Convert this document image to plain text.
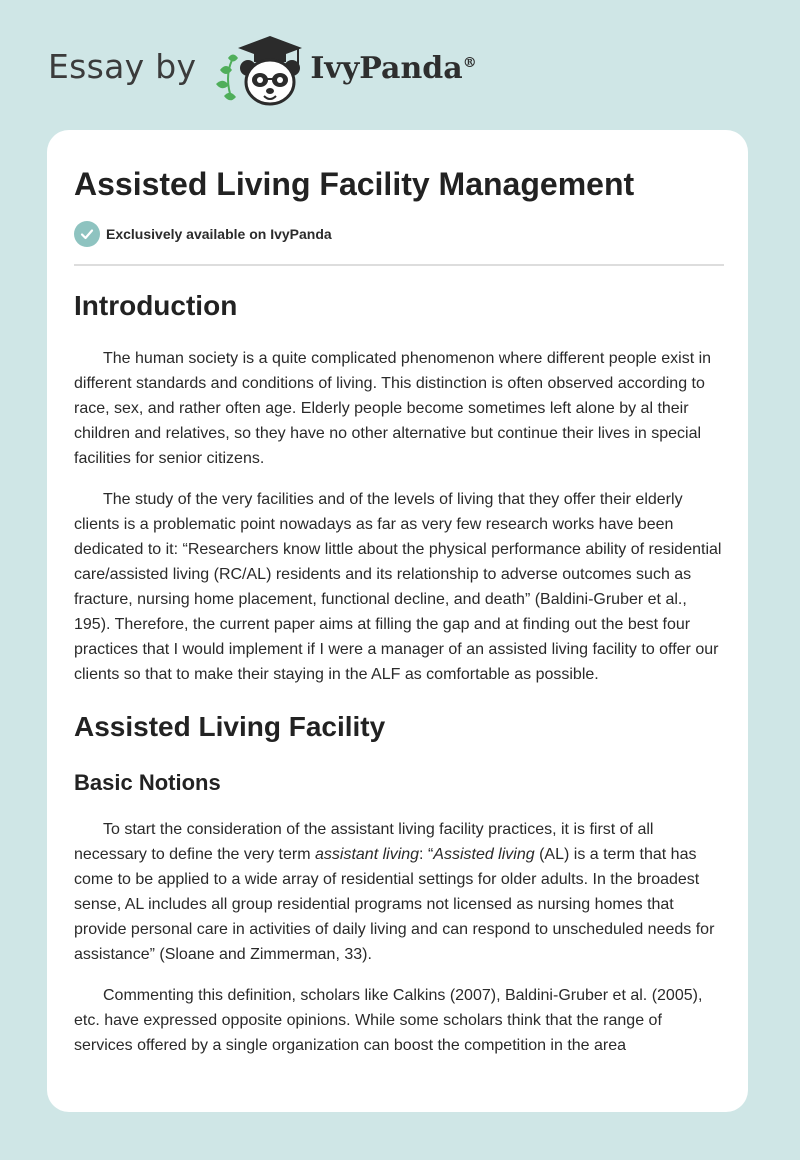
Essay by	IvyPanda®
Assisted Living Facility Management
Exclusively available on IvyPanda
Introduction

The human society is a quite complicated phenomenon where different people exist in different standards and conditions of living. This distinction is often observed according to race, sex, and rather often age. Elderly people become sometimes left alone by al their children and relatives, so they have no other alternative but continue their lives in special facilities for senior citizens.

The study of the very facilities and of the levels of living that they offer their elderly clients is a problematic point nowadays as far as very few research works have been dedicated to it: “Researchers know little about the physical performance ability of residential care/assisted living (RC/AL) residents and its relationship to adverse outcomes such as fracture, nursing home placement, functional decline, and death” (Baldini-Gruber et al., 195). Therefore, the current paper aims at filling the gap and at finding out the best four practices that I would implement if I were a manager of an assisted living facility to offer our clients so that to make their staying in the ALF as comfortable as possible.

Assisted Living Facility
Basic Notions

To start the consideration of the assistant living facility practices, it is first of all necessary to define the very term assistant living: “Assisted living (AL) is a term that has come to be applied to a wide array of residential settings for older adults. In the broadest sense, AL includes all group residential programs not licensed as nursing homes that provide personal care in activities of daily living and can respond to unscheduled needs for assistance” (Sloane and Zimmerman, 33).

Commenting this definition, scholars like Calkins (2007), Baldini-Gruber et al. (2005), etc. have expressed opposite opinions. While some scholars think that the range of services offered by a single organization can boost the competition in the area
